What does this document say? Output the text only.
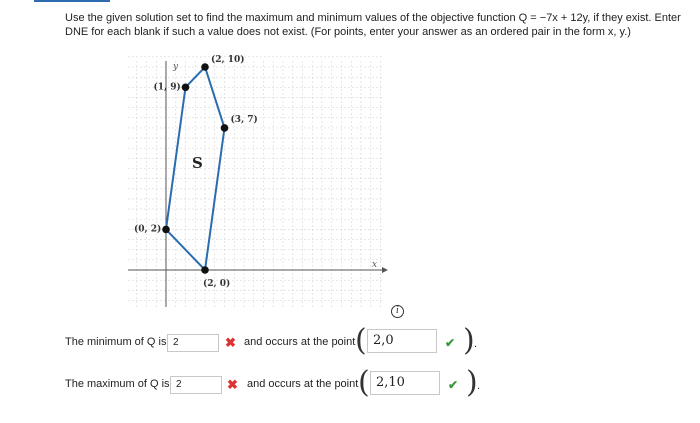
Use the given solution set to find the maximum and minimum values of the objective function Q = −7x + 12y, if they exist. Enter DNE for each blank if such a value does not exist. (For points, enter your answer as an ordered pair in the form x, y.)
x
y
S
(0, 2)
(1, 9)
(2, 10)
(3, 7)
(2, 0)
i
The minimum of Q is 2	✖ and occurs at the point ( 2,0	✔ ) .
The maximum of Q is 2	✖ and occurs at the point ( 2,10	✔ ) .
